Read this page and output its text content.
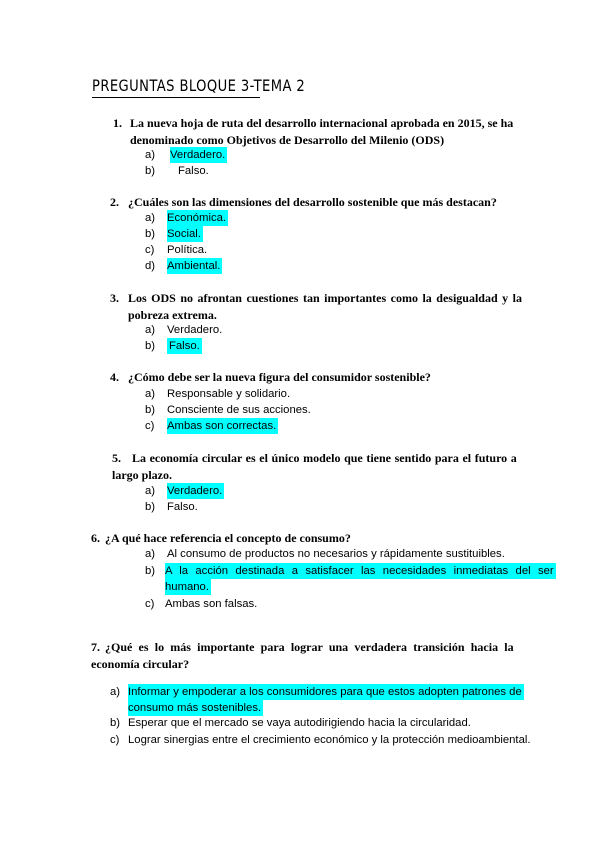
PREGUNTAS BLOQUE 3-TEMA 2
1. La nueva hoja de ruta del desarrollo internacional aprobada en 2015, se ha
denominado como Objetivos de Desarrollo del Milenio (ODS)
a) Verdadero.
b) Falso.
2. ¿Cuáles son las dimensiones del desarrollo sostenible que más destacan?
a) Económica.
b) Social.
c) Política.
d) Ambiental.
3. Los ODS no afrontan cuestiones tan importantes como la desigualdad y la
pobreza extrema.
a) Verdadero.
b) Falso.
4. ¿Cómo debe ser la nueva figura del consumidor sostenible?
a) Responsable y solidario.
b) Consciente de sus acciones.
c) Ambas son correctas.
5. La economía circular es el único modelo que tiene sentido para el futuro a
largo plazo.
a) Verdadero.
b) Falso.
6. ¿A qué hace referencia el concepto de consumo?
a) Al consumo de productos no necesarios y rápidamente sustituibles.
b) A la acción destinada a satisfacer las necesidades inmediatas del ser
humano.
c) Ambas son falsas.
7. ¿Qué es lo más importante para lograr una verdadera transición hacia la
economía circular?
a) Informar y empoderar a los consumidores para que estos adopten patrones de
consumo más sostenibles.
b) Esperar que el mercado se vaya autodirigiendo hacia la circularidad.
c) Lograr sinergias entre el crecimiento económico y la protección medioambiental.
